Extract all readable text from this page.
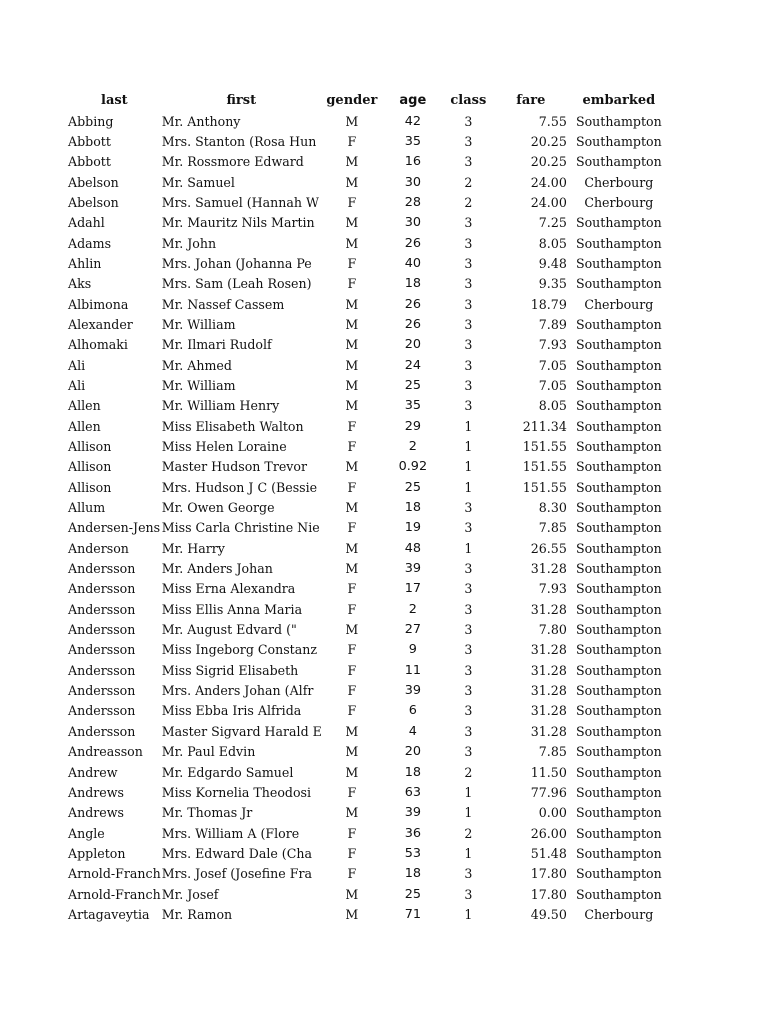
last	first	gender	age	class	fare	embarked	
Abbing	Mr. Anthony	M	42	3	7.55	Southampton	
Abbott	Mrs. Stanton (Rosa Hun	F	35	3	20.25	Southampton	
Abbott	Mr. Rossmore Edward	M	16	3	20.25	Southampton	
Abelson	Mr. Samuel	M	30	2	24.00	Cherbourg	
Abelson	Mrs. Samuel (Hannah W	F	28	2	24.00	Cherbourg	
Adahl	Mr. Mauritz Nils Martin	M	30	3	7.25	Southampton	
Adams	Mr. John	M	26	3	8.05	Southampton	
Ahlin	Mrs. Johan (Johanna Pe	F	40	3	9.48	Southampton	
Aks	Mrs. Sam (Leah Rosen)	F	18	3	9.35	Southampton	
Albimona	Mr. Nassef Cassem	M	26	3	18.79	Cherbourg	
Alexander	Mr. William	M	26	3	7.89	Southampton	
Alhomaki	Mr. Ilmari Rudolf	M	20	3	7.93	Southampton	
Ali	Mr. Ahmed	M	24	3	7.05	Southampton	
Ali	Mr. William	M	25	3	7.05	Southampton	
Allen	Mr. William Henry	M	35	3	8.05	Southampton	
Allen	Miss Elisabeth Walton	F	29	1	211.34	Southampton	
Allison	Miss Helen Loraine	F	2	1	151.55	Southampton	
Allison	Master Hudson Trevor	M	0.92	1	151.55	Southampton	
Allison	Mrs. Hudson J C (Bessie	F	25	1	151.55	Southampton	
Allum	Mr. Owen George	M	18	3	8.30	Southampton	
Andersen-Jens	Miss Carla Christine Nie	F	19	3	7.85	Southampton	
Anderson	Mr. Harry	M	48	1	26.55	Southampton	
Andersson	Mr. Anders Johan	M	39	3	31.28	Southampton	
Andersson	Miss Erna Alexandra	F	17	3	7.93	Southampton	
Andersson	Miss Ellis Anna Maria	F	2	3	31.28	Southampton	
Andersson	Mr. August Edvard ("	M	27	3	7.80	Southampton	
Andersson	Miss Ingeborg Constanz	F	9	3	31.28	Southampton	
Andersson	Miss Sigrid Elisabeth	F	11	3	31.28	Southampton	
Andersson	Mrs. Anders Johan (Alfr	F	39	3	31.28	Southampton	
Andersson	Miss Ebba Iris Alfrida	F	6	3	31.28	Southampton	
Andersson	Master Sigvard Harald E	M	4	3	31.28	Southampton	
Andreasson	Mr. Paul Edvin	M	20	3	7.85	Southampton	
Andrew	Mr. Edgardo Samuel	M	18	2	11.50	Southampton	
Andrews	Miss Kornelia Theodosi	F	63	1	77.96	Southampton	
Andrews	Mr. Thomas Jr	M	39	1	0.00	Southampton	
Angle	Mrs. William A (Flore	F	36	2	26.00	Southampton	
Appleton	Mrs. Edward Dale (Cha	F	53	1	51.48	Southampton	
Arnold-Franch	Mrs. Josef (Josefine Fra	F	18	3	17.80	Southampton	
Arnold-Franch	Mr. Josef	M	25	3	17.80	Southampton	
Artagaveytia	Mr. Ramon	M	71	1	49.50	Cherbourg	
